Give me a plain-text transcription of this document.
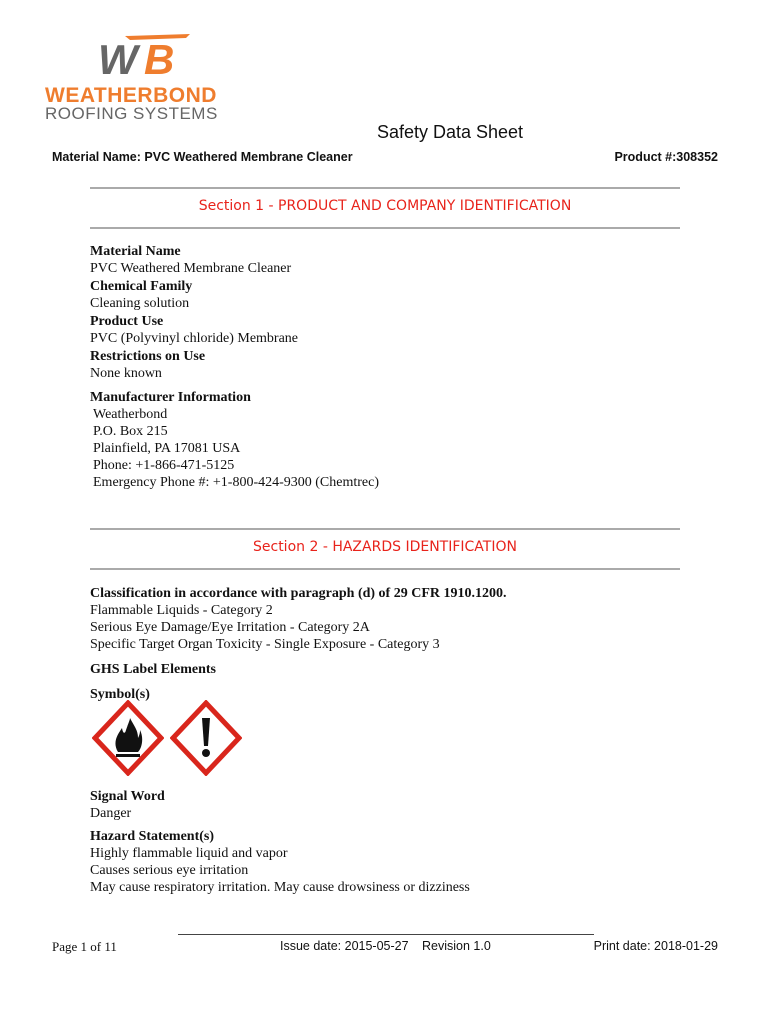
W B
WEATHERBOND
ROOFING SYSTEMS
Safety Data Sheet
Material Name: PVC Weathered Membrane Cleaner	Product #:308352
Section 1 - PRODUCT AND COMPANY IDENTIFICATION
Material Name
PVC Weathered Membrane Cleaner
Chemical Family
Cleaning solution
Product Use
PVC (Polyvinyl chloride) Membrane
Restrictions on Use
None known
Manufacturer Information
Weatherbond
P.O. Box 215
Plainfield, PA 17081 USA
Phone: +1-866-471-5125
Emergency Phone #: +1-800-424-9300 (Chemtrec)
Section 2 - HAZARDS IDENTIFICATION
Classification in accordance with paragraph (d) of 29 CFR 1910.1200.
Flammable Liquids - Category 2
Serious Eye Damage/Eye Irritation - Category 2A
Specific Target Organ Toxicity - Single Exposure - Category 3
GHS Label Elements
Symbol(s)
Signal Word
Danger
Hazard Statement(s)
Highly flammable liquid and vapor
Causes serious eye irritation
May cause respiratory irritation. May cause drowsiness or dizziness
Page 1 of 11	Issue date: 2015-05-27 Revision 1.0	Print date: 2018-01-29
